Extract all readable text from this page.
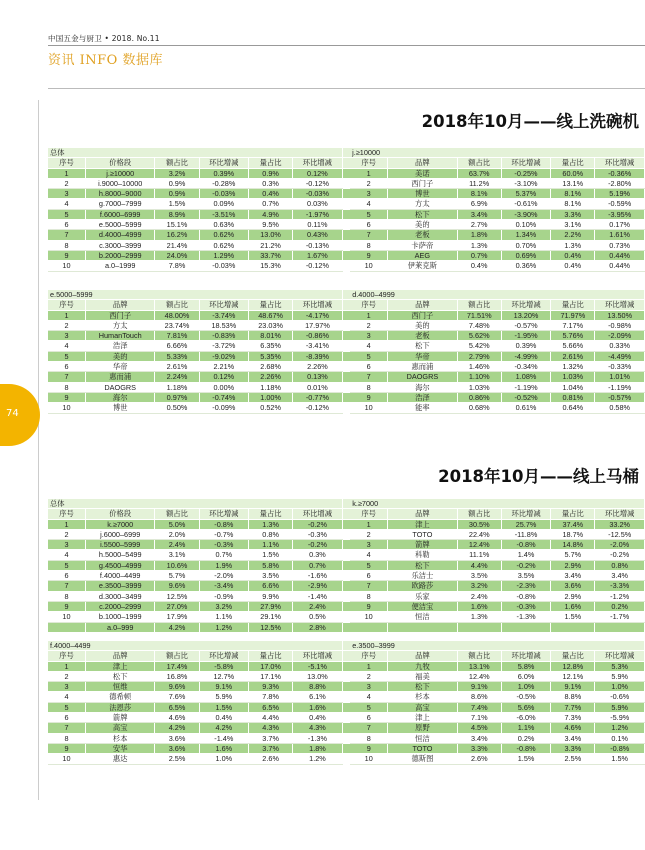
中国五金与厨卫 • 2018. No.11
资讯 INFO 数据库
74
2018年10月——线上洗碗机
总体							j.≥10000					
序号	价格段	额占比	环比增减	量占比	环比增减		序号	品牌	额占比	环比增减	量占比	环比增减
1	j.≥10000	3.2%	0.39%	0.9%	0.12%		1	美诺	63.7%	-0.25%	60.0%	-0.36%
2	i.9000–10000	0.9%	-0.28%	0.3%	-0.12%		2	西门子	11.2%	-3.10%	13.1%	-2.80%
3	h.8000–9000	0.9%	-0.03%	0.4%	-0.03%		3	博世	8.1%	5.37%	8.1%	5.19%
4	g.7000–7999	1.5%	0.09%	0.7%	0.03%		4	方太	6.9%	-0.61%	8.1%	-0.59%
5	f.6000–6999	8.9%	-3.51%	4.9%	-1.97%		5	松下	3.4%	-3.90%	3.3%	-3.95%
6	e.5000–5999	15.1%	0.63%	9.5%	0.11%		6	美的	2.7%	0.10%	3.1%	0.17%
7	d.4000–4999	16.2%	0.62%	13.0%	0.43%		7	老板	1.8%	1.34%	2.2%	1.61%
8	c.3000–3999	21.4%	0.62%	21.2%	-0.13%		8	卡萨帝	1.3%	0.70%	1.3%	0.73%
9	b.2000–2999	24.0%	1.29%	33.7%	1.67%		9	AEG	0.7%	0.69%	0.4%	0.44%
10	a.0–1999	7.8%	-0.03%	15.3%	-0.12%		10	伊莱克斯	0.4%	0.36%	0.4%	0.44%
e.5000–5999							d.4000–4999					
序号	品牌	额占比	环比增减	量占比	环比增减		序号	品牌	额占比	环比增减	量占比	环比增减
1	西门子	48.00%	-3.74%	48.67%	-4.17%		1	西门子	71.51%	13.20%	71.97%	13.50%
2	方太	23.74%	18.53%	23.03%	17.97%		2	美的	7.48%	-0.57%	7.17%	-0.98%
3	HumanTouch	7.81%	-0.83%	8.01%	-0.86%		3	老板	5.62%	-1.95%	5.76%	-2.09%
4	浩泽	6.66%	-3.72%	6.35%	-3.41%		4	松下	5.42%	0.39%	5.66%	0.33%
5	美的	5.33%	-9.02%	5.35%	-8.39%		5	华帝	2.79%	-4.99%	2.61%	-4.49%
6	华帝	2.61%	2.21%	2.68%	2.26%		6	惠而浦	1.46%	-0.34%	1.32%	-0.33%
7	惠而浦	2.24%	0.12%	2.26%	0.13%		7	DAOGRS	1.10%	1.08%	1.03%	1.01%
8	DAOGRS	1.18%	0.00%	1.18%	0.01%		8	海尔	1.03%	-1.19%	1.04%	-1.19%
9	海尔	0.97%	-0.74%	1.00%	-0.77%		9	浩泽	0.86%	-0.52%	0.81%	-0.57%
10	博世	0.50%	-0.09%	0.52%	-0.12%		10	能率	0.68%	0.61%	0.64%	0.58%
2018年10月——线上马桶
总体							k.≥7000					
序号	价格段	额占比	环比增减	量占比	环比增减		序号	品牌	额占比	环比增减	量占比	环比增减
1	k.≥7000	5.0%	-0.8%	1.3%	-0.2%		1	津上	30.5%	25.7%	37.4%	33.2%
2	j.6000–6999	2.0%	-0.7%	0.8%	-0.3%		2	TOTO	22.4%	-11.8%	18.7%	-12.5%
3	i.5500–5999	2.4%	-0.3%	1.1%	-0.2%		3	箭牌	12.4%	-0.8%	14.8%	-2.0%
4	h.5000–5499	3.1%	0.7%	1.5%	0.3%		4	科勒	11.1%	1.4%	5.7%	-0.2%
5	g.4500–4999	10.6%	1.9%	5.8%	0.7%		5	松下	4.4%	-0.2%	2.9%	0.8%
6	f.4000–4499	5.7%	-2.0%	3.5%	-1.6%		6	乐洁士	3.5%	3.5%	3.4%	3.4%
7	e.3500–3999	9.6%	-3.4%	6.6%	-2.9%		7	欧路莎	3.2%	-2.3%	3.6%	-3.3%
8	d.3000–3499	12.5%	-0.9%	9.9%	-1.4%		8	乐家	2.4%	-0.8%	2.9%	-1.2%
9	c.2000–2999	27.0%	3.2%	27.9%	2.4%		9	便洁宝	1.6%	-0.3%	1.6%	0.2%
10	b.1000–1999	17.9%	1.1%	29.1%	0.5%		10	恒洁	1.3%	-1.3%	1.5%	-1.7%
	a.0–999	4.2%	1.2%	12.5%	2.8%							
f.4000–4499							e.3500–3999					
序号	品牌	额占比	环比增减	量占比	环比增减		序号	品牌	额占比	环比增减	量占比	环比增减
1	津上	17.4%	-5.8%	17.0%	-5.1%		1	九牧	13.1%	5.8%	12.8%	5.3%
2	松下	16.8%	12.7%	17.1%	13.0%		2	福美	12.4%	6.0%	12.1%	5.9%
3	恒维	9.6%	9.1%	9.3%	8.8%		3	松下	9.1%	1.0%	9.1%	1.0%
4	德希顿	7.6%	5.9%	7.8%	6.1%		4	杉本	8.6%	-0.5%	8.8%	-0.6%
5	法恩莎	6.5%	1.5%	6.5%	1.6%		5	高宝	7.4%	5.6%	7.7%	5.9%
6	箭牌	4.6%	0.4%	4.4%	0.4%		6	津上	7.1%	-6.0%	7.3%	-5.9%
7	高宝	4.2%	4.2%	4.3%	4.3%		7	原野	4.5%	1.1%	4.6%	1.2%
8	杉本	3.6%	-1.4%	3.7%	-1.3%		8	恒洁	3.4%	0.2%	3.4%	0.1%
9	安华	3.6%	1.6%	3.7%	1.8%		9	TOTO	3.3%	-0.8%	3.3%	-0.8%
10	惠达	2.5%	1.0%	2.6%	1.2%		10	德斯图	2.6%	1.5%	2.5%	1.5%
